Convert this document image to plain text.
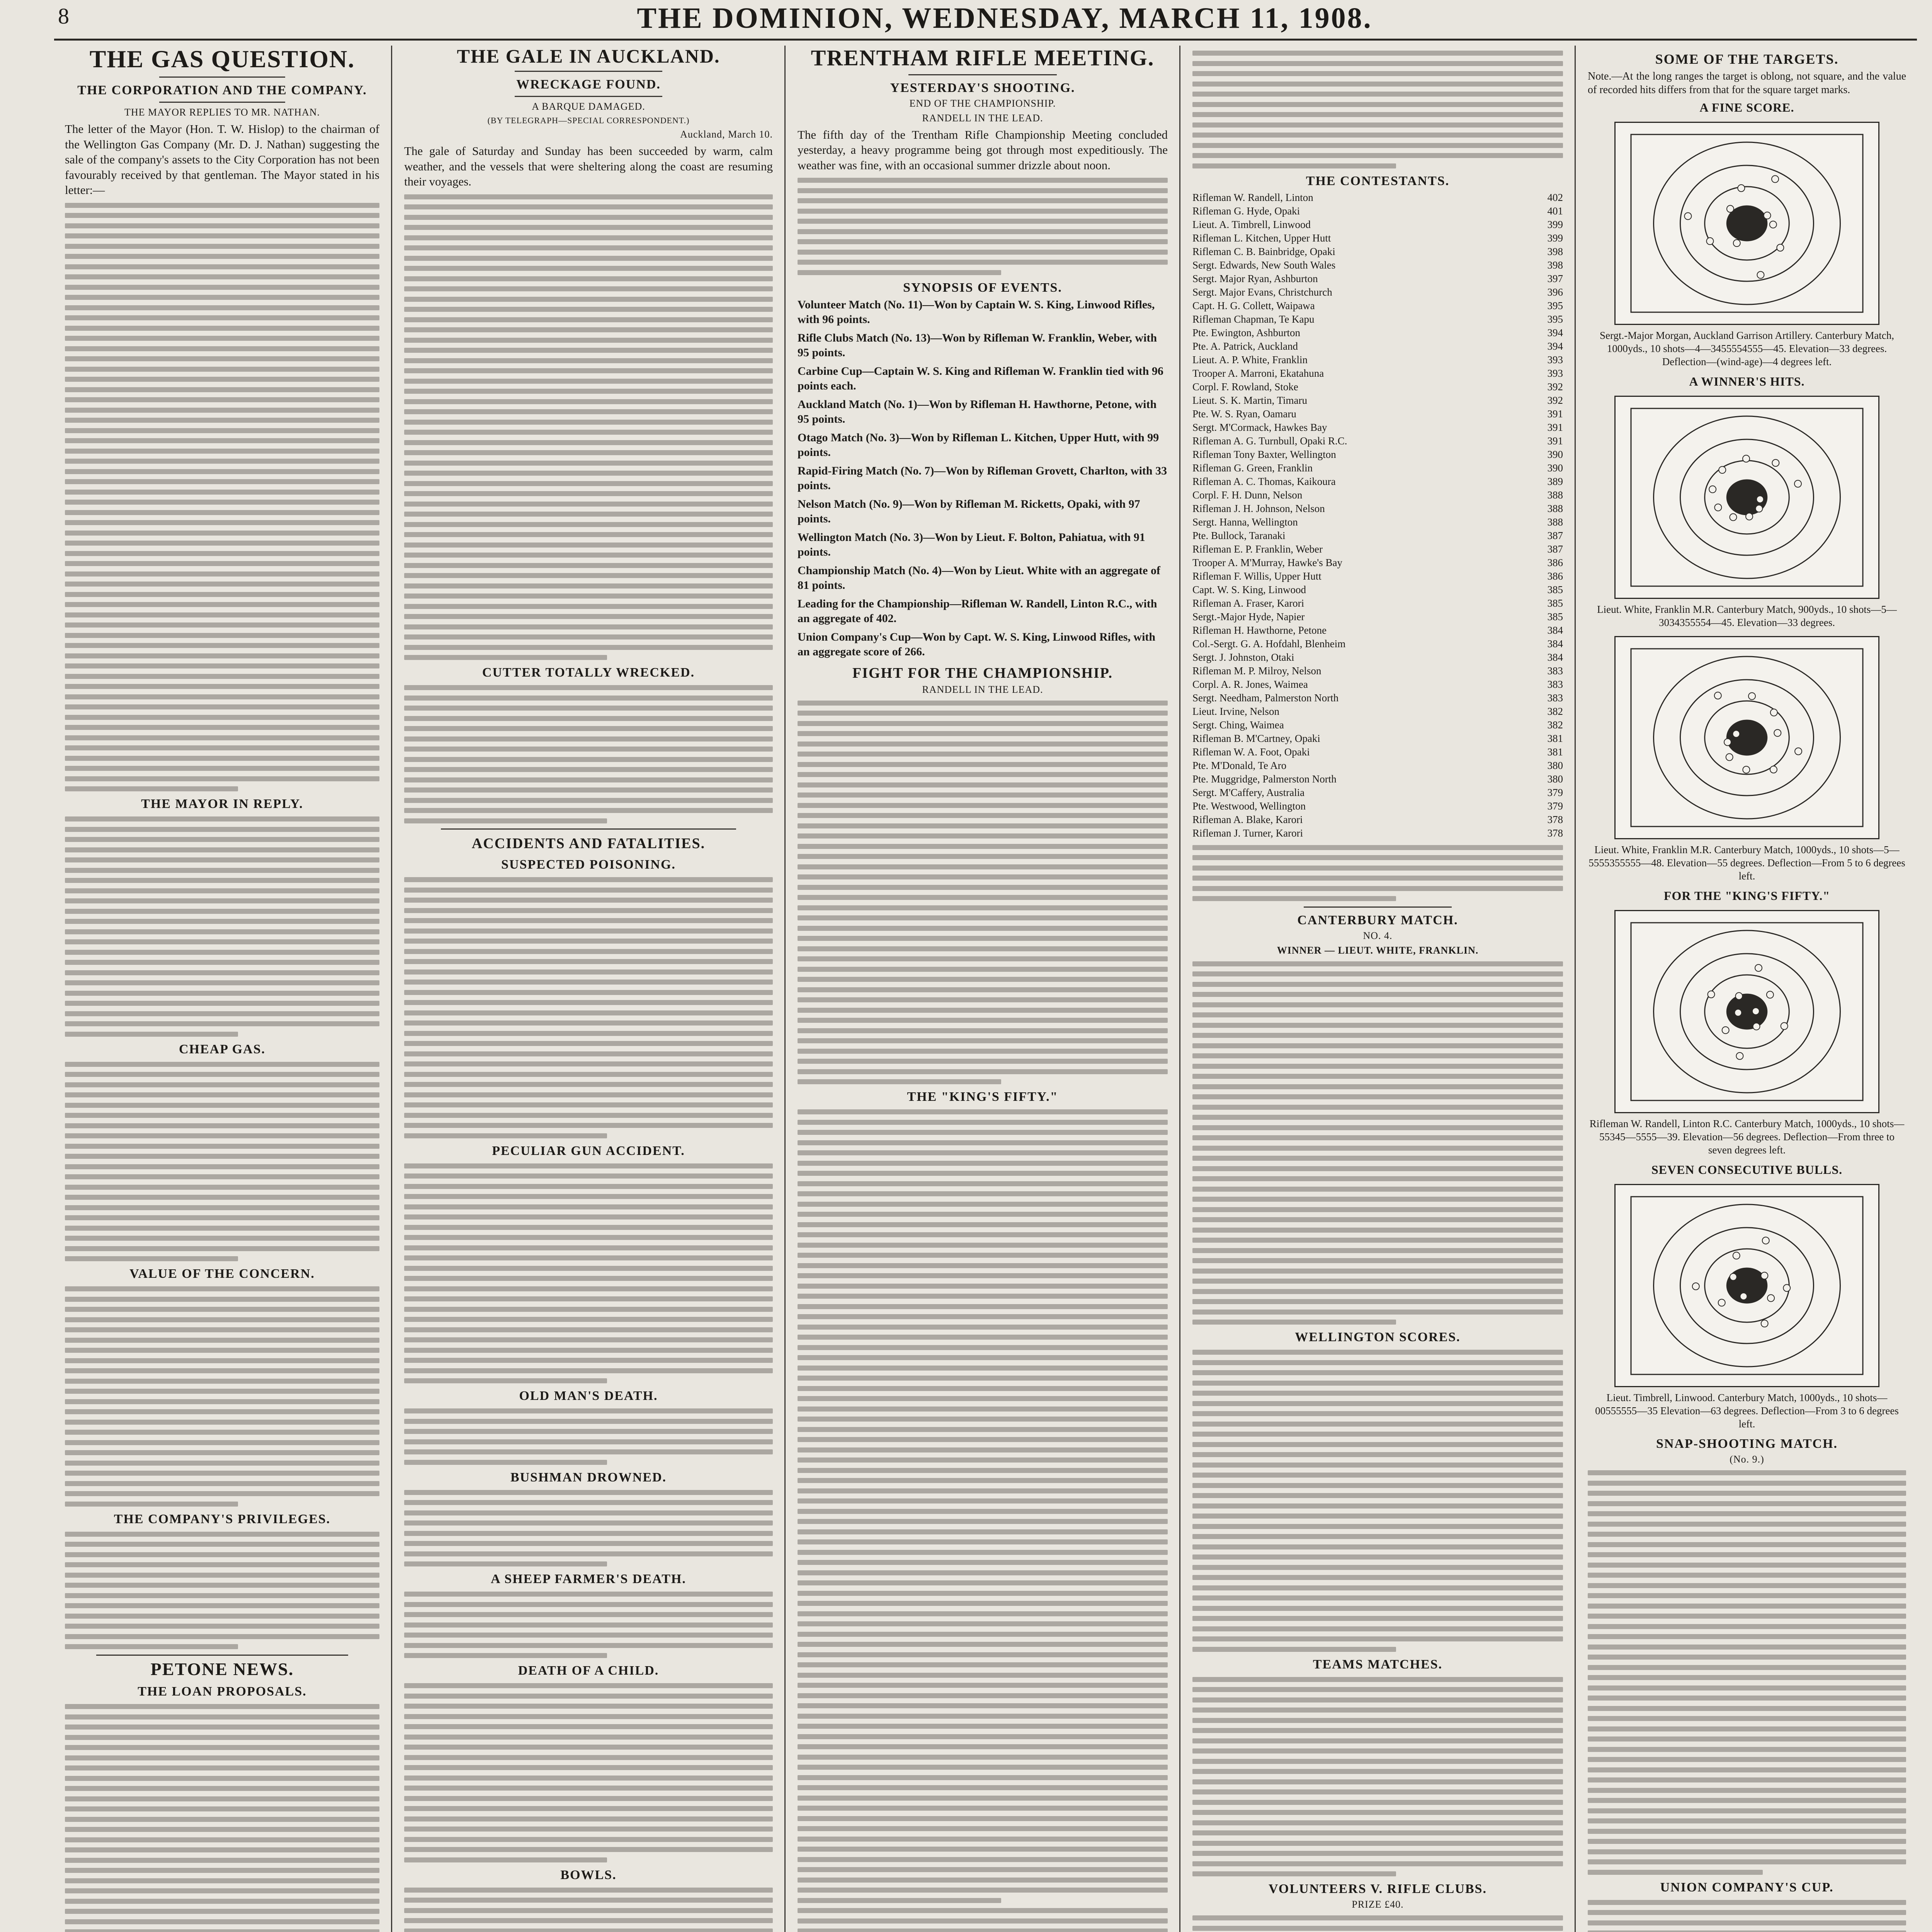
8	THE DOMINION, WEDNESDAY, MARCH 11, 1908.
THE GAS QUESTION.
THE CORPORATION AND THE COMPANY.
THE MAYOR REPLIES TO MR. NATHAN.

The letter of the Mayor (Hon. T. W. Hislop) to the chairman of the Wellington Gas Company (Mr. D. J. Nathan) suggesting the sale of the company's assets to the City Corporation has not been favourably received by that gentleman. The Mayor stated in his letter:—

THE MAYOR IN REPLY.
CHEAP GAS.
VALUE OF THE CONCERN.
THE COMPANY'S PRIVILEGES.
PETONE NEWS.
THE LOAN PROPOSALS.
THE GALE IN AUCKLAND.
WRECKAGE FOUND.
A BARQUE DAMAGED.
(BY TELEGRAPH—SPECIAL CORRESPONDENT.)
Auckland, March 10.

The gale of Saturday and Sunday has been succeeded by warm, calm weather, and the vessels that were sheltering along the coast are resuming their voyages.

CUTTER TOTALLY WRECKED.
ACCIDENTS AND FATALITIES.
SUSPECTED POISONING.
PECULIAR GUN ACCIDENT.
OLD MAN'S DEATH.
BUSHMAN DROWNED.
A SHEEP FARMER'S DEATH.
DEATH OF A CHILD.
BOWLS.
TRENTHAM RIFLE MEETING.
YESTERDAY'S SHOOTING.
END OF THE CHAMPIONSHIP.
RANDELL IN THE LEAD.

The fifth day of the Trentham Rifle Championship Meeting concluded yesterday, a heavy programme being got through most expeditiously. The weather was fine, with an occasional summer drizzle about noon.

SYNOPSIS OF EVENTS.

Volunteer Match (No. 11)—Won by Captain W. S. King, Linwood Rifles, with 96 points.

Rifle Clubs Match (No. 13)—Won by Rifleman W. Franklin, Weber, with 95 points.

Carbine Cup—Captain W. S. King and Rifleman W. Franklin tied with 96 points each.

Auckland Match (No. 1)—Won by Rifleman H. Hawthorne, Petone, with 95 points.

Otago Match (No. 3)—Won by Rifleman L. Kitchen, Upper Hutt, with 99 points.

Rapid-Firing Match (No. 7)—Won by Rifleman Grovett, Charlton, with 33 points.

Nelson Match (No. 9)—Won by Rifleman M. Ricketts, Opaki, with 97 points.

Wellington Match (No. 3)—Won by Lieut. F. Bolton, Pahiatua, with 91 points.

Championship Match (No. 4)—Won by Lieut. White with an aggregate of 81 points.

Leading for the Championship—Rifleman W. Randell, Linton R.C., with an aggregate of 402.

Union Company's Cup—Won by Capt. W. S. King, Linwood Rifles, with an aggregate score of 266.

FIGHT FOR THE CHAMPIONSHIP.
RANDELL IN THE LEAD.
THE "KING'S FIFTY."
THE CONTESTANTS.
Rifleman W. Randell, Linton	402
Rifleman G. Hyde, Opaki	401
Lieut. A. Timbrell, Linwood	399
Rifleman L. Kitchen, Upper Hutt	399
Rifleman C. B. Bainbridge, Opaki	398
Sergt. Edwards, New South Wales	398
Sergt. Major Ryan, Ashburton	397
Sergt. Major Evans, Christchurch	396
Capt. H. G. Collett, Waipawa	395
Rifleman Chapman, Te Kapu	395
Pte. Ewington, Ashburton	394
Pte. A. Patrick, Auckland	394
Lieut. A. P. White, Franklin	393
Trooper A. Marroni, Ekatahuna	393
Corpl. F. Rowland, Stoke	392
Lieut. S. K. Martin, Timaru	392
Pte. W. S. Ryan, Oamaru	391
Sergt. M'Cormack, Hawkes Bay	391
Rifleman A. G. Turnbull, Opaki R.C.	391
Rifleman Tony Baxter, Wellington	390
Rifleman G. Green, Franklin	390
Rifleman A. C. Thomas, Kaikoura	389
Corpl. F. H. Dunn, Nelson	388
Rifleman J. H. Johnson, Nelson	388
Sergt. Hanna, Wellington	388
Pte. Bullock, Taranaki	387
Rifleman E. P. Franklin, Weber	387
Trooper A. M'Murray, Hawke's Bay	386
Rifleman F. Willis, Upper Hutt	386
Capt. W. S. King, Linwood	385
Rifleman A. Fraser, Karori	385
Sergt.-Major Hyde, Napier	385
Rifleman H. Hawthorne, Petone	384
Col.-Sergt. G. A. Hofdahl, Blenheim	384
Sergt. J. Johnston, Otaki	384
Rifleman M. P. Milroy, Nelson	383
Corpl. A. R. Jones, Waimea	383
Sergt. Needham, Palmerston North	383
Lieut. Irvine, Nelson	382
Sergt. Ching, Waimea	382
Rifleman B. M'Cartney, Opaki	381
Rifleman W. A. Foot, Opaki	381
Pte. M'Donald, Te Aro	380
Pte. Muggridge, Palmerston North	380
Sergt. M'Caffery, Australia	379
Pte. Westwood, Wellington	379
Rifleman A. Blake, Karori	378
Rifleman J. Turner, Karori	378
CANTERBURY MATCH.
NO. 4.
WINNER — LIEUT. WHITE, FRANKLIN.
WELLINGTON SCORES.
TEAMS MATCHES.
VOLUNTEERS V. RIFLE CLUBS.
PRIZE £40.
SOME OF THE TARGETS.

Note.—At the long ranges the target is oblong, not square, and the value of recorded hits differs from that for the square target marks.

A FINE SCORE.
Sergt.-Major Morgan, Auckland Garrison Artillery. Canterbury Match, 1000yds., 10 shots—4—3455554555—45. Elevation—33 degrees. Deflection—(wind-age)—4 degrees left.
A WINNER'S HITS.
Lieut. White, Franklin M.R. Canterbury Match, 900yds., 10 shots—5—3034355554—45. Elevation—33 degrees.
Lieut. White, Franklin M.R. Canterbury Match, 1000yds., 10 shots—5—5555355555—48. Elevation—55 degrees. Deflection—From 5 to 6 degrees left.
FOR THE "KING'S FIFTY."
Rifleman W. Randell, Linton R.C. Canterbury Match, 1000yds., 10 shots—55345—5555—39. Elevation—56 degrees. Deflection—From three to seven degrees left.
SEVEN CONSECUTIVE BULLS.
Lieut. Timbrell, Linwood. Canterbury Match, 1000yds., 10 shots—00555555—35 Elevation—63 degrees. Deflection—From 3 to 6 degrees left.
SNAP-SHOOTING MATCH.
(No. 9.)
UNION COMPANY'S CUP.
